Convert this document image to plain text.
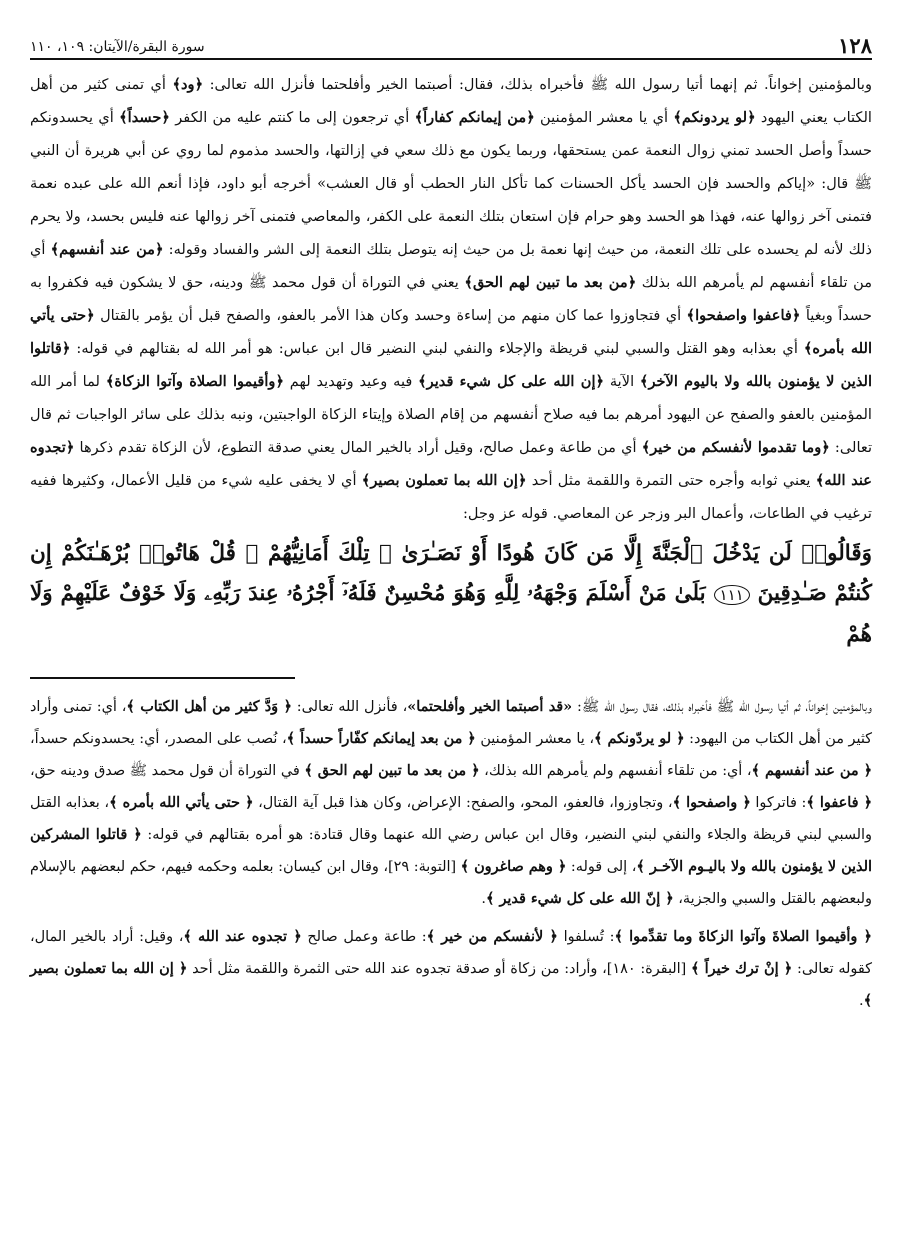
١٢٨
سورة البقرة/الآيتان: ١٠٩، ١١٠

وبالمؤمنين إخواناً. ثم إنهما أتيا رسول الله ﷺ فأخبراه بذلك، فقال: أصبتما الخير وأفلحتما فأنزل الله تعالى: ﴿ود﴾ أي تمنى كثير من أهل الكتاب يعني اليهود ﴿لو يردونكم﴾ أي يا معشر المؤمنين ﴿من إيمانكم كفاراً﴾ أي ترجعون إلى ما كنتم عليه من الكفر ﴿حسداً﴾ أي يحسدونكم حسداً وأصل الحسد تمني زوال النعمة عمن يستحقها، وربما يكون مع ذلك سعي في إزالتها، والحسد مذموم لما روي عن أبي هريرة أن النبي ﷺ قال: «إياكم والحسد فإن الحسد يأكل الحسنات كما تأكل النار الحطب أو قال العشب» أخرجه أبو داود، فإذا أنعم الله على عبده نعمة فتمنى آخر زوالها عنه، فهذا هو الحسد وهو حرام فإن استعان بتلك النعمة على الكفر، والمعاصي فتمنى آخر زوالها عنه فليس بحسد، ولا يحرم ذلك لأنه لم يحسده على تلك النعمة، من حيث إنها نعمة بل من حيث إنه يتوصل بتلك النعمة إلى الشر والفساد وقوله: ﴿من عند أنفسهم﴾ أي من تلقاء أنفسهم لم يأمرهم الله بذلك ﴿من بعد ما تبين لهم الحق﴾ يعني في التوراة أن قول محمد ﷺ ودينه، حق لا يشكون فيه فكفروا به حسداً وبغياً ﴿فاعفوا واصفحوا﴾ أي فتجاوزوا عما كان منهم من إساءة وحسد وكان هذا الأمر بالعفو، والصفح قبل أن يؤمر بالقتال ﴿حتى يأتي الله بأمره﴾ أي بعذابه وهو القتل والسبي لبني قريظة والإجلاء والنفي لبني النضير قال ابن عباس: هو أمر الله له بقتالهم في قوله: ﴿قاتلوا الذين لا يؤمنون بالله ولا باليوم الآخر﴾ الآية ﴿إن الله على كل شيء قدير﴾ فيه وعيد وتهديد لهم ﴿وأقيموا الصلاة وآتوا الزكاة﴾ لما أمر الله المؤمنين بالعفو والصفح عن اليهود أمرهم بما فيه صلاح أنفسهم من إقام الصلاة وإيتاء الزكاة الواجبتين، ونبه بذلك على سائر الواجبات ثم قال تعالى: ﴿وما تقدموا لأنفسكم من خير﴾ أي من طاعة وعمل صالح، وقيل أراد بالخير المال يعني صدقة التطوع، لأن الزكاة تقدم ذكرها ﴿تجدوه عند الله﴾ يعني ثوابه وأجره حتى التمرة واللقمة مثل أحد ﴿إن الله بما تعملون بصير﴾ أي لا يخفى عليه شيء من قليل الأعمال، وكثيرها ففيه ترغيب في الطاعات، وأعمال البر وزجر عن المعاصي. قوله عز وجل:

وَقَالُوا۟ لَن يَدْخُلَ ٱلْجَنَّةَ إِلَّا مَن كَانَ هُودًا أَوْ نَصَـٰرَىٰ ۗ تِلْكَ أَمَانِيُّهُمْ ۗ قُلْ هَاتُوا۟ بُرْهَـٰنَكُمْ إِن كُنتُمْ صَـٰدِقِينَ ١١١ بَلَىٰ مَنْ أَسْلَمَ وَجْهَهُۥ لِلَّهِ وَهُوَ مُحْسِنٌ فَلَهُۥٓ أَجْرُهُۥ عِندَ رَبِّهِۦ وَلَا خَوْفٌ عَلَيْهِمْ وَلَا هُمْ

وبالمؤمنين إخواناً، ثم أتيا رسول الله ﷺ فأخبراه بذلك، فقال رسول الله ﷺ: «قد أصبتما الخير وأفلحتما»، فأنزل الله تعالى: ﴿ وَدَّ كثير من أهل الكتاب ﴾، أي: تمنى وأراد كثير من أهل الكتاب من اليهود: ﴿ لو يردّونكم ﴾، يا معشر المؤمنين ﴿ من بعد إيمانكم كفّاراً حسداً ﴾، نُصب على المصدر، أي: يحسدونكم حسداً، ﴿ من عند أنفسهم ﴾، أي: من تلقاء أنفسهم ولم يأمرهم الله بذلك، ﴿ من بعد ما تبين لهم الحق ﴾ في التوراة أن قول محمد ﷺ صدق ودينه حق، ﴿ فاعفوا ﴾: فاتركوا ﴿ واصفحوا ﴾، وتجاوزوا، فالعفو، المحو، والصفح: الإعراض، وكان هذا قبل آية القتال، ﴿ حتى يأتي الله بأمره ﴾، بعذابه القتل والسبي لبني قريظة والجلاء والنفي لبني النضير، وقال ابن عباس رضي الله عنهما وقال قتادة: هو أمره بقتالهم في قوله: ﴿ قاتلوا المشركين الذين لا يؤمنون بالله ولا باليـوم الآخـر ﴾، إلى قوله: ﴿ وهم صاغرون ﴾ [التوبة: ٢٩]، وقال ابن كيسان: بعلمه وحكمه فيهم، حكم لبعضهم بالإسلام ولبعضهم بالقتل والسبي والجزية، ﴿ إنّ الله على كل شيء قدير ﴾.

﴿ وأقيموا الصلاةَ وآتوا الزكاةَ وما تقدِّموا ﴾: تُسلفوا ﴿ لأنفسكم من خير ﴾: طاعة وعمل صالح ﴿ تجدوه عند الله ﴾، وقيل: أراد بالخير المال، كقوله تعالى: ﴿ إنْ ترك خيراً ﴾ [البقرة: ١٨٠]، وأراد: من زكاة أو صدقة تجدوه عند الله حتى الثمرة واللقمة مثل أحد ﴿ إن الله بما تعملون بصير ﴾.
